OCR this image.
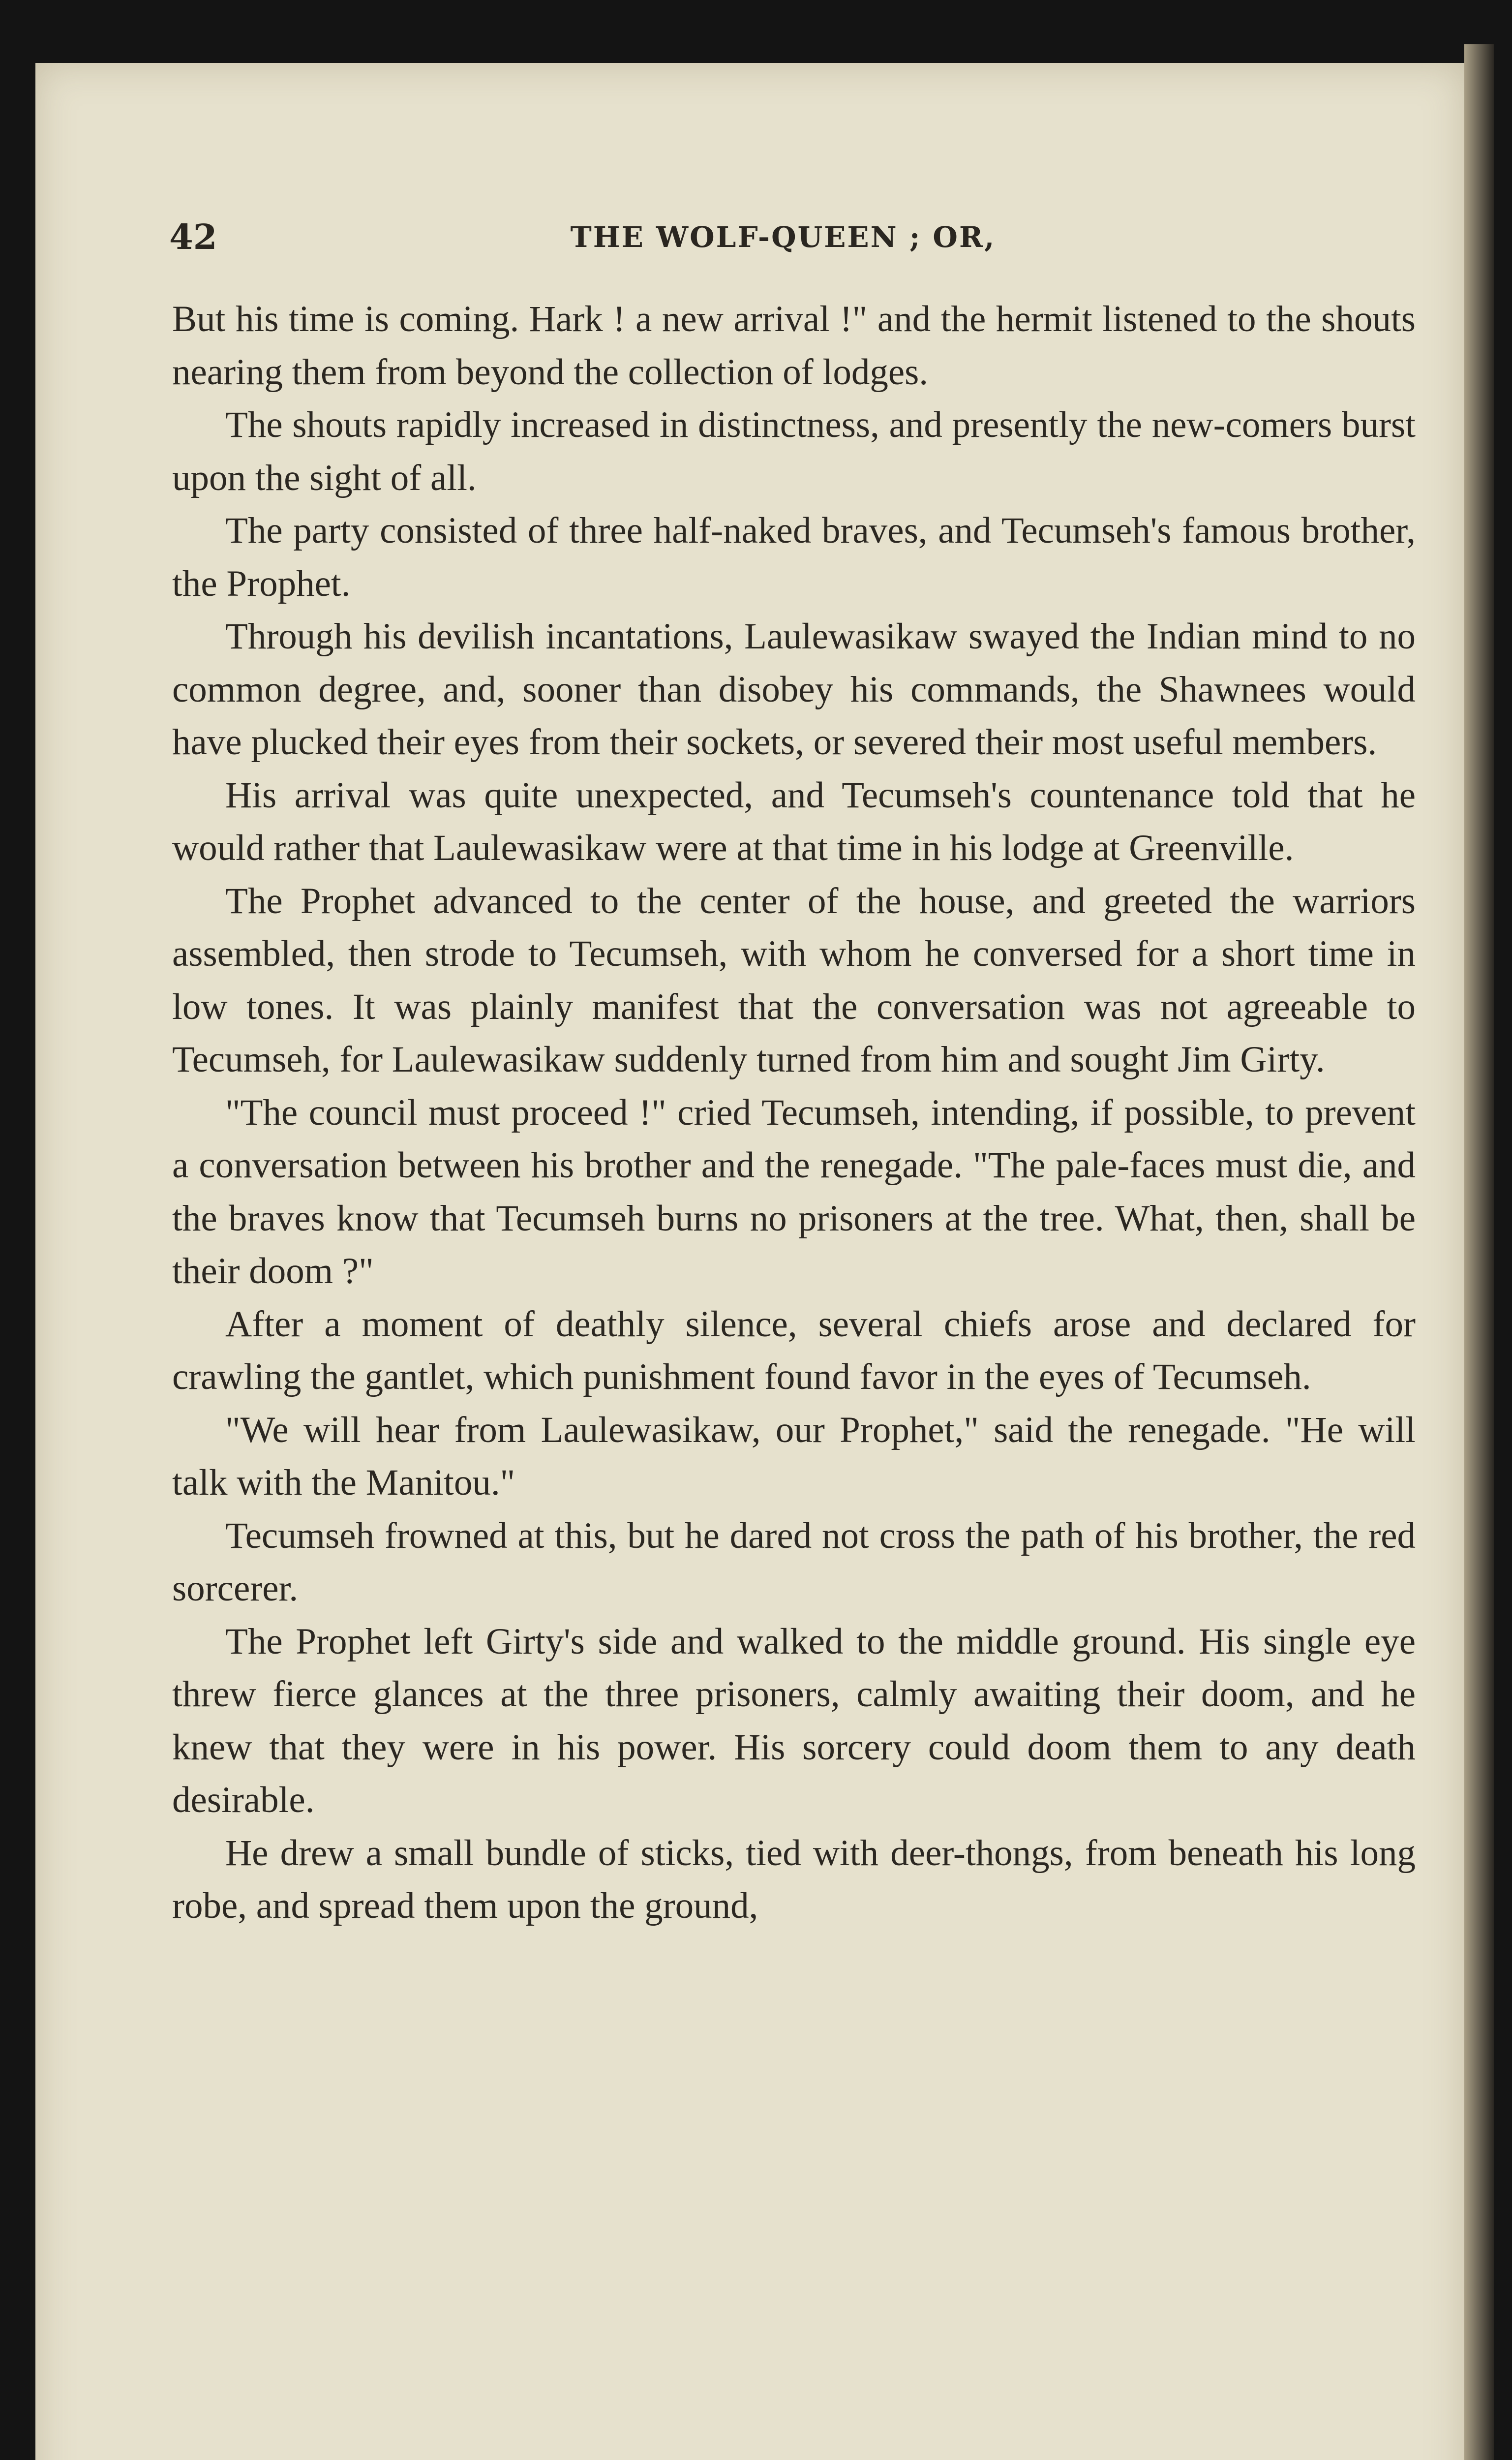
42	THE WOLF-QUEEN ; OR,

But his time is coming. Hark ! a new arrival !" and the hermit listened to the shouts nearing them from beyond the collection of lodges.

The shouts rapidly increased in distinctness, and presently the new-comers burst upon the sight of all.

The party consisted of three half-naked braves, and Tecumseh's famous brother, the Prophet.

Through his devilish incantations, Laulewasikaw swayed the Indian mind to no common degree, and, sooner than disobey his commands, the Shawnees would have plucked their eyes from their sockets, or severed their most useful members.

His arrival was quite unexpected, and Tecumseh's countenance told that he would rather that Laulewasikaw were at that time in his lodge at Greenville.

The Prophet advanced to the center of the house, and greeted the warriors assembled, then strode to Tecumseh, with whom he conversed for a short time in low tones. It was plainly manifest that the conversation was not agreeable to Tecumseh, for Laulewasikaw suddenly turned from him and sought Jim Girty.

"The council must proceed !" cried Tecumseh, intending, if possible, to prevent a conversation between his brother and the renegade. "The pale-faces must die, and the braves know that Tecumseh burns no prisoners at the tree. What, then, shall be their doom ?"

After a moment of deathly silence, several chiefs arose and declared for crawling the gantlet, which punishment found favor in the eyes of Tecumseh.

"We will hear from Laulewasikaw, our Prophet," said the renegade. "He will talk with the Manitou."

Tecumseh frowned at this, but he dared not cross the path of his brother, the red sorcerer.

The Prophet left Girty's side and walked to the middle ground. His single eye threw fierce glances at the three prisoners, calmly awaiting their doom, and he knew that they were in his power. His sorcery could doom them to any death desirable.

He drew a small bundle of sticks, tied with deer-thongs, from beneath his long robe, and spread them upon the ground,
